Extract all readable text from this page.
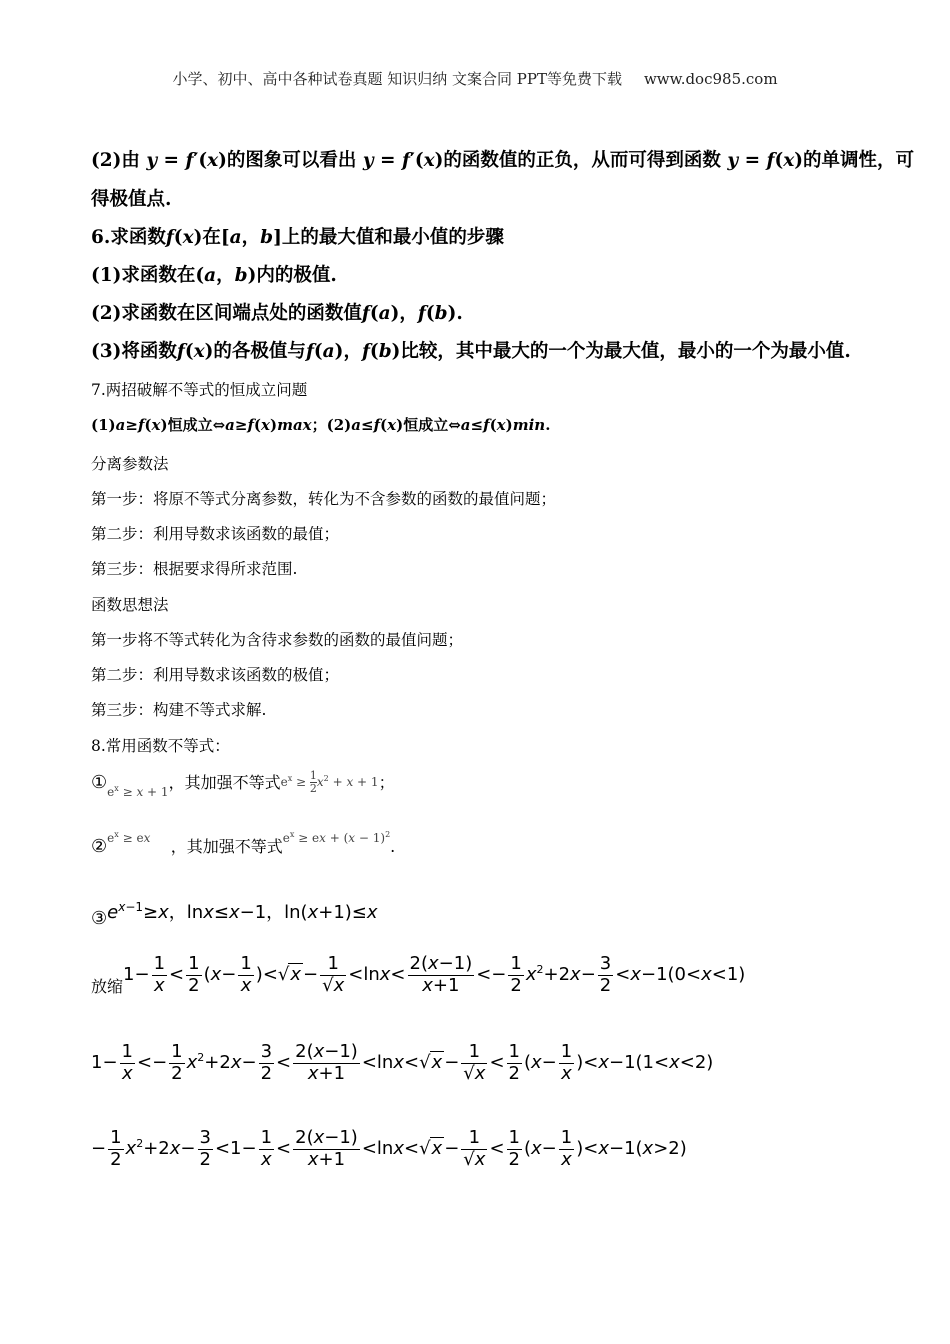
小学、初中、高中各种试卷真题 知识归纳 文案合同 PPT等免费下载 www.doc985.com
(2)由 y = f′(x)的图象可以看出 y = f′(x)的函数值的正负，从而可得到函数 y = f(x)的单调性，可
得极值点.
6.求函数f(x)在[a，b]上的最大值和最小值的步骤
(1)求函数在(a，b)内的极值.
(2)求函数在区间端点处的函数值f(a)，f(b).
(3)将函数f(x)的各极值与f(a)，f(b)比较，其中最大的一个为最大值，最小的一个为最小值.
7.两招破解不等式的恒成立问题
(1)a≥f(x)恒成立⇔a≥f(x)max；(2)a≤f(x)恒成立⇔a≤f(x)min.
分离参数法
第一步：将原不等式分离参数，转化为不含参数的函数的最值问题；
第二步：利用导数求该函数的最值；
第三步：根据要求得所求范围.
函数思想法
第一步将不等式转化为含待求参数的函数的最值问题；
第二步：利用导数求该函数的极值；
第三步：构建不等式求解.
8.常用函数不等式：
$①_{e^x \ge x + 1}$，其加强不等式$e^x \ge \frac{1}{2} x^2 + x + 1$；
②$^{e^x \ge ex}$ ，其加强不等式$^{e^x \ge ex + (x - 1)^2}$.
$③e^{x-1}\ge x$，lnx≤x−1，ln(x+1)≤x
放缩$1- \frac{1}{x} < \frac{1}{2} (x- \frac{1}{x} )<√x - \frac{1}{√x} <\ln x< \frac{2(x-1)}{x+1} <- \frac{1}{2} x^2+2x- \frac{3}{2} <x-1(0<x<1)$
$1- \frac{1}{x} <- \frac{1}{2} x^2+2x- \frac{3}{2} < \frac{2(x-1)}{x+1} <\ln x<√x - \frac{1}{√x} < \frac{1}{2} (x- \frac{1}{x} )<x-1(1<x<2)$
− $\frac{1}{2} x^2+2x- \frac{3}{2} <1- \frac{1}{x} < \frac{2(x-1)}{x+1} <\ln x<√x - \frac{1}{√x} < \frac{1}{2} (x- \frac{1}{x} )<x-1(x>2)$
